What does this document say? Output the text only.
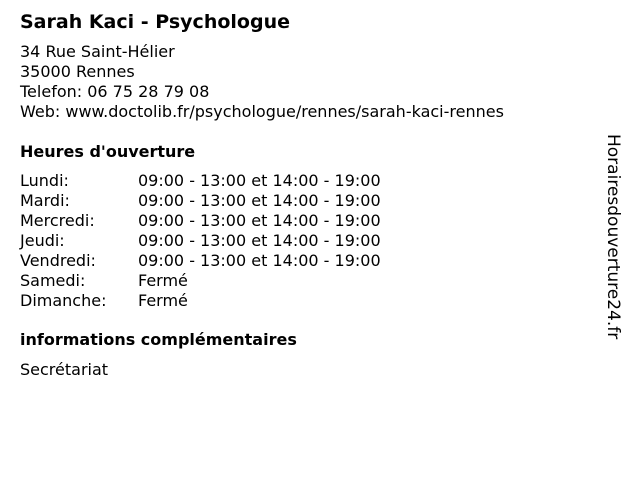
Sarah Kaci - Psychologue
34 Rue Saint-Hélier
35000 Rennes
Telefon: 06 75 28 79 08
Web: www.doctolib.fr/psychologue/rennes/sarah-kaci-rennes
Heures d'ouverture
Lundi:	09:00 - 13:00 et 14:00 - 19:00
Mardi:	09:00 - 13:00 et 14:00 - 19:00
Mercredi:	09:00 - 13:00 et 14:00 - 19:00
Jeudi:	09:00 - 13:00 et 14:00 - 19:00
Vendredi:	09:00 - 13:00 et 14:00 - 19:00
Samedi:	Fermé
Dimanche:	Fermé
informations complémentaires
Secrétariat
Horairesdouverture24.fr
